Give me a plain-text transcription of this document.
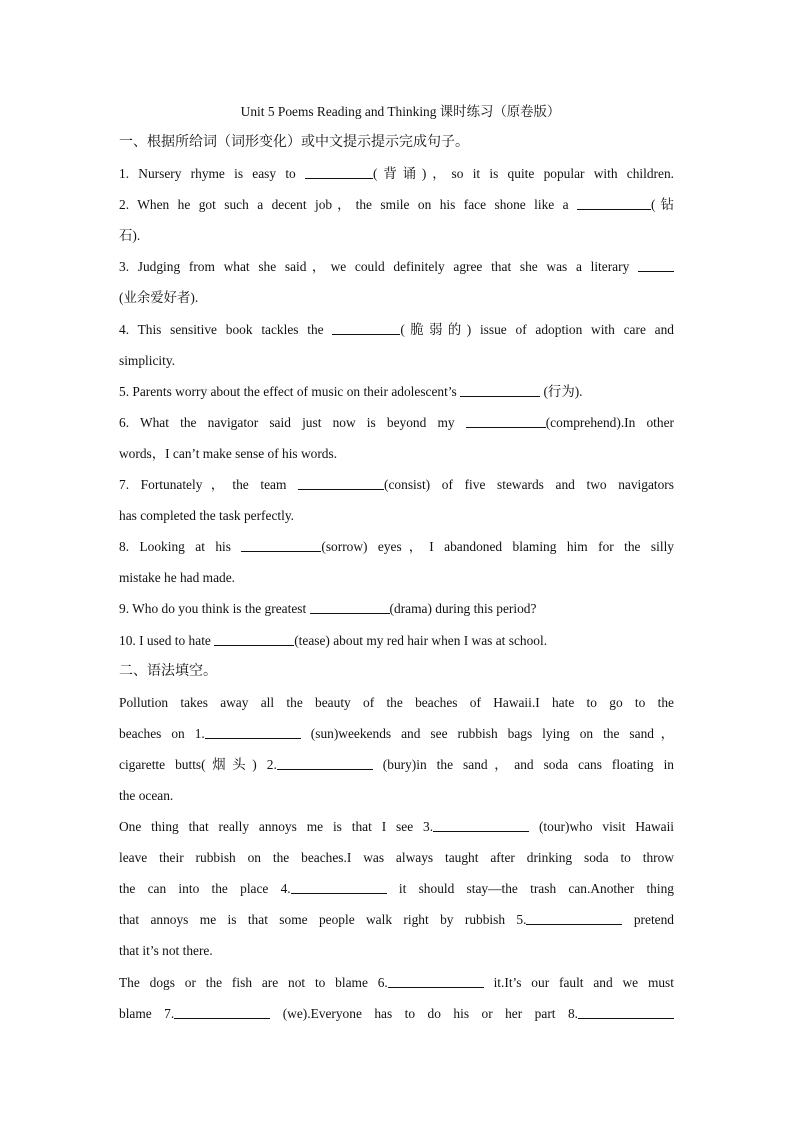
Unit 5 Poems Reading and Thinking 课时练习（原卷版）
一、根据所给词（词形变化）或中文提示提示完成句子。
1. Nursery rhyme is easy to	(背诵)，so it is quite popular with children.
2. When he got such a decent job，the smile on his face shone like a	(钻
石).
3. Judging from what she said，we could definitely agree that she was a literary
(业余爱好者).
4. This sensitive book tackles the	(脆弱的) issue of adoption with care and
simplicity.
5. Parents worry about the effect of music on their adolescent’s	(行为).
6. What the navigator said just now is beyond my	(comprehend).In other
words，I can’t make sense of his words.
7. Fortunately，the team	(consist) of five stewards and two navigators
has completed the task perfectly.
8. Looking at his	(sorrow) eyes，I abandoned blaming him for the silly
mistake he had made.
9. Who do you think is the greatest	(drama) during this period?
10. I used to hate	(tease) about my red hair when I was at school.
二、语法填空。
Pollution takes away all the beauty of the beaches of Hawaii.I hate to go to the
beaches on 1.	(sun)weekends and see rubbish bags lying on the sand，
cigarette butts(烟头) 2.	(bury)in the sand，and soda cans floating in
the ocean.
One thing that really annoys me is that I see 3.	(tour)who visit Hawaii
leave their rubbish on the beaches.I was always taught after drinking soda to throw
the can into the place 4.	it should stay—the trash can.Another thing
that annoys me is that some people walk right by rubbish 5.	pretend
that it’s not there.
The dogs or the fish are not to blame 6.	it.It’s our fault and we must
blame 7.	(we).Everyone has to do his or her part 8.
